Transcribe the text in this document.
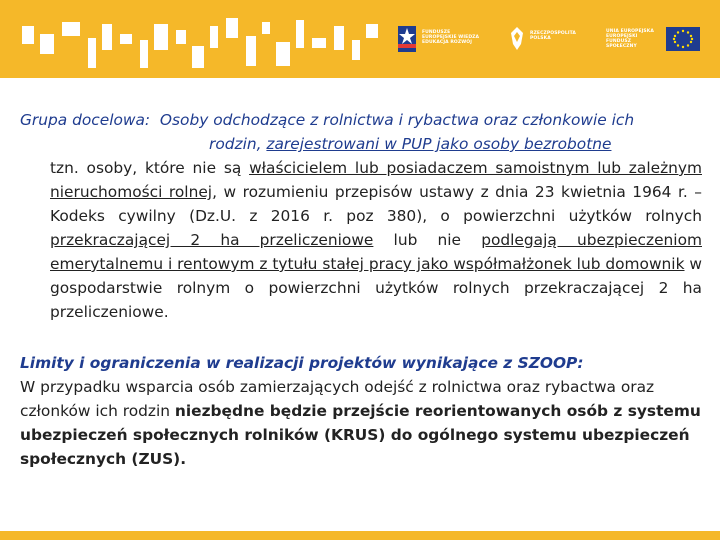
FUNDUSZE EUROPEJSKIE WIEDZA EDUKACJA ROZWÓJ
RZECZPOSPOLITA POLSKA
UNIA EUROPEJSKA EUROPEJSKI FUNDUSZ SPOŁECZNY
Grupa docelowa: Osoby odchodzące z rolnictwa i rybactwa oraz członkowie ich
rodzin, zarejestrowani w PUP jako osoby bezrobotne
tzn. osoby, które nie są właścicielem lub posiadaczem samoistnym lub zależnym nieruchomości rolnej, w rozumieniu przepisów ustawy z dnia 23 kwietnia 1964 r. – Kodeks cywilny (Dz.U. z 2016 r. poz 380), o powierzchni użytków rolnych przekraczającej 2 ha przeliczeniowe lub nie podlegają ubezpieczeniom emerytalnemu i rentowym z tytułu stałej pracy jako współmałżonek lub domownik w gospodarstwie rolnym o powierzchni użytków rolnych przekraczającej 2 ha przeliczeniowe.
Limity i ograniczenia w realizacji projektów wynikające z SZOOP:
W przypadku wsparcia osób zamierzających odejść z rolnictwa oraz rybactwa oraz członków ich rodzin niezbędne będzie przejście reorientowanych osób z systemu ubezpieczeń społecznych rolników (KRUS) do ogólnego systemu ubezpieczeń społecznych (ZUS).
